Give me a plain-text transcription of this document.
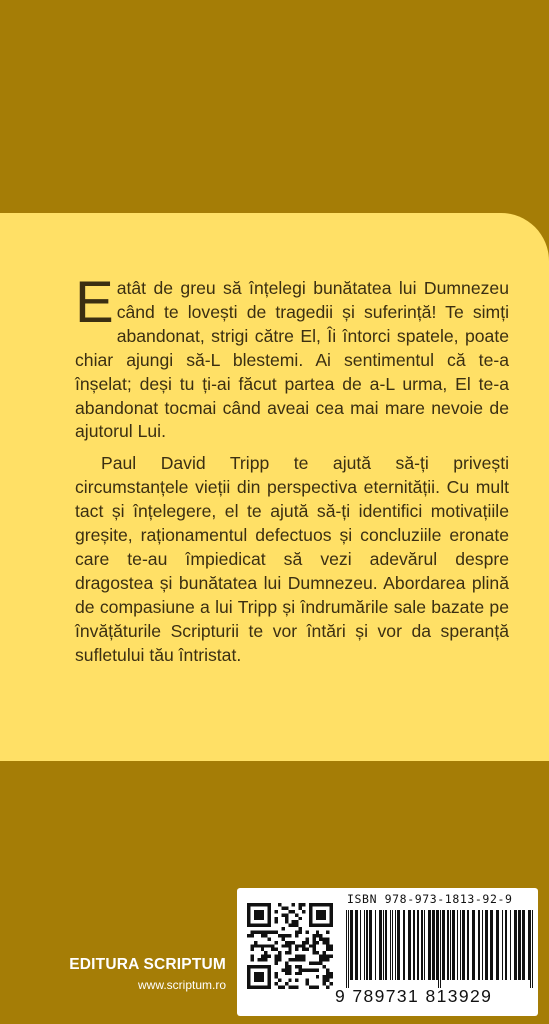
Eatât de greu să înțelegi bunătatea lui Dumnezeu când te lovești de tragedii și suferință! Te simți abandonat, strigi către El, Îi întorci spatele, poate chiar ajungi să-L blestemi. Ai sentimentul că te-a înșelat; deși tu ți-ai făcut partea de a-L urma, El te-a abandonat tocmai când aveai cea mai mare nevoie de ajutorul Lui.

Paul David Tripp te ajută să-ți privești circumstanțele vieții din perspectiva eternității. Cu mult tact și înțelegere, el te ajută să-ți identifici motivațiile greșite, raționamentul defectuos și concluziile eronate care te-au împiedicat să vezi adevărul despre dragostea și bunătatea lui Dumnezeu. Abordarea plină de compasiune a lui Tripp și îndrumările sale bazate pe învățăturile Scripturii te vor întări și vor da speranță sufletului tău întristat.

EDITURA SCRIPTUM
www.scriptum.ro
ISBN 978-973-1813-92-9
9 789731 813929
